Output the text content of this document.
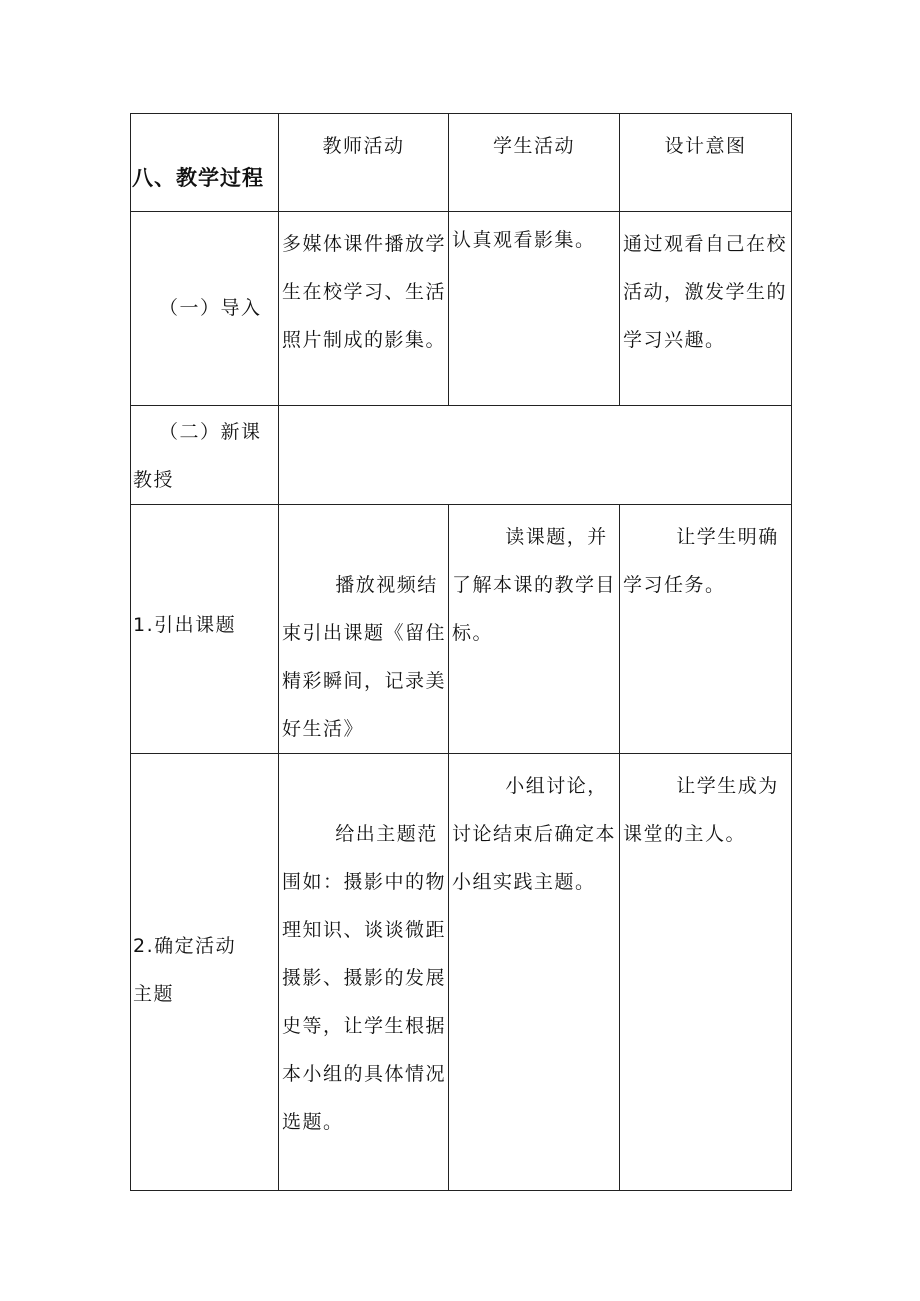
八、教学过程	教师活动	学生活动	设计意图

（一）导入	多媒体课件播放学生在校学习、生活照片制成的影集。	认真观看影集。	通过观看自己在校活动，激发学生的学习兴趣。

（二）新课教授			

1.引出课题	播放视频结束引出课题《留住精彩瞬间，记录美好生活》	读课题，并了解本课的教学目标。	让学生明确学习任务。

2.确定活动主题	给出主题范围如：摄影中的物理知识、谈谈微距摄影、摄影的发展史等，让学生根据本小组的具体情况选题。	小组讨论，讨论结束后确定本小组实践主题。	让学生成为课堂的主人。
